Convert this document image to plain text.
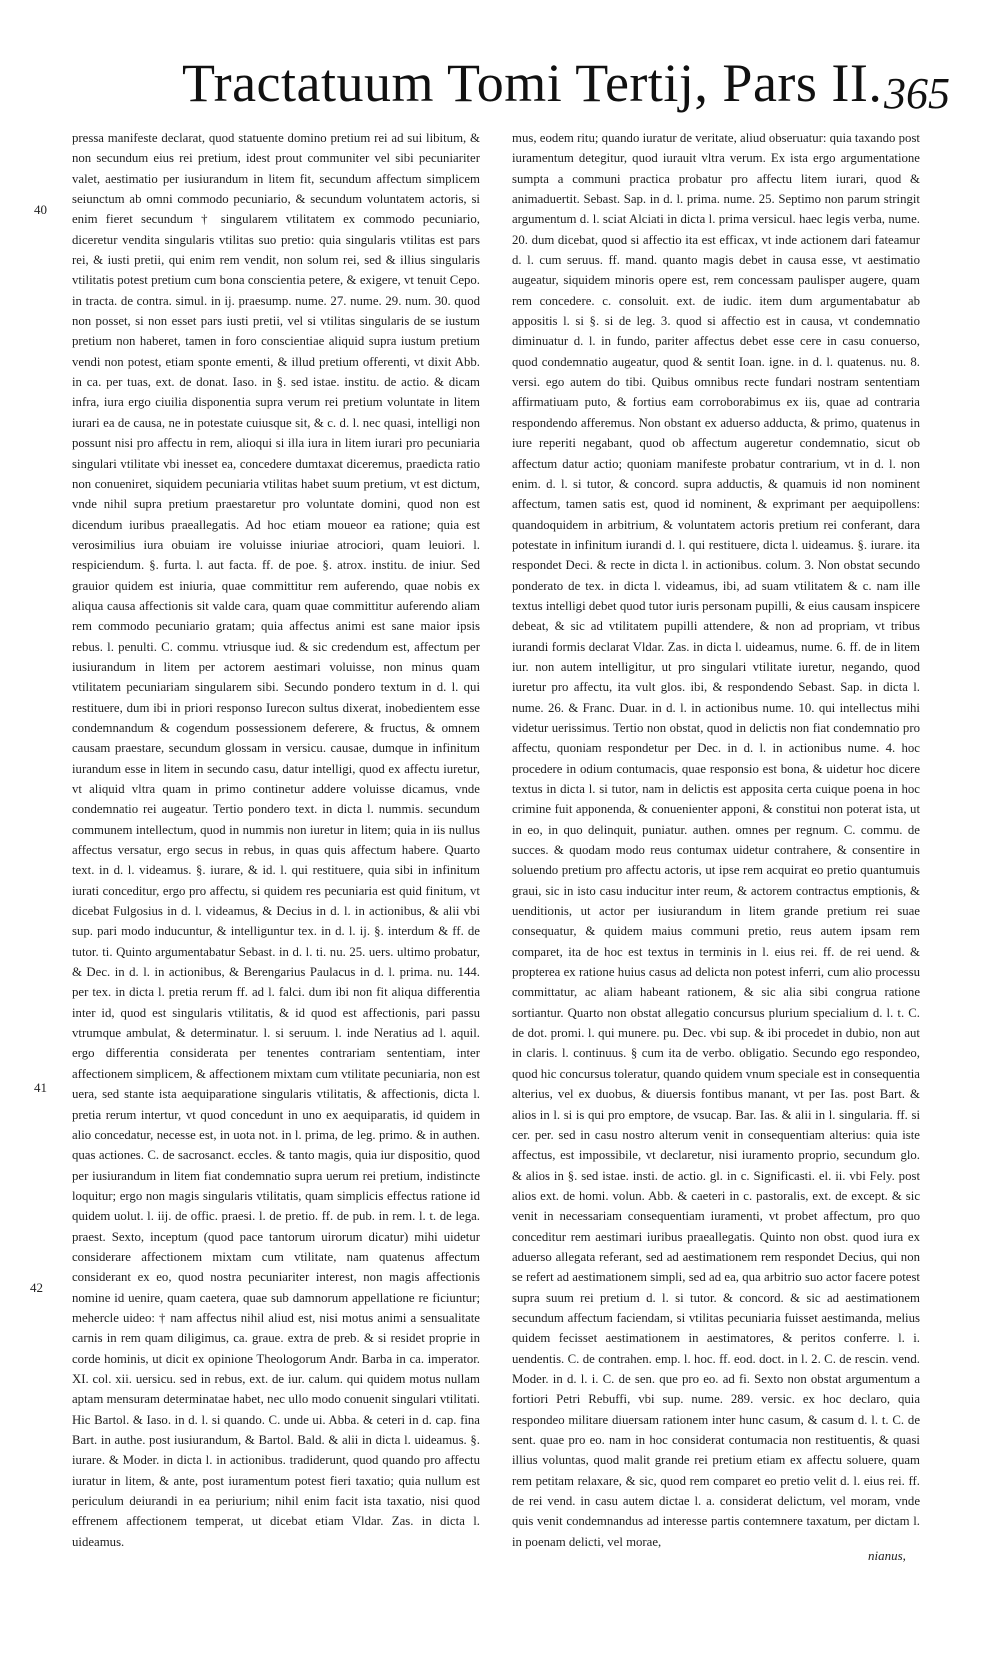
Tractatuum Tomi Tertij, Pars II. 365
40
41
42

pressa manifeste declarat, quod statuente domino pretium rei ad sui libitum, & non secundum eius rei pretium, idest prout communiter vel sibi pecuniariter valet, aestimatio per iusiurandum in litem fit, secundum affectum simplicem seiunctum ab omni commodo pecuniario, & secundum voluntatem actoris, si enim fieret secundum † singularem vtilitatem ex commodo pecuniario, diceretur vendita singularis vtilitas suo pretio: quia singularis vtilitas est pars rei, & iusti pretii, qui enim rem vendit, non solum rei, sed & illius singularis vtilitatis potest pretium cum bona conscientia petere, & exigere, vt tenuit Cepo. in tracta. de contra. simul. in ij. praesump. nume. 27. nume. 29. num. 30. quod non posset, si non esset pars iusti pretii, vel si vtilitas singularis de se iustum pretium non haberet, tamen in foro conscientiae aliquid supra iustum pretium vendi non potest, etiam sponte ementi, & illud pretium offerenti, vt dixit Abb. in ca. per tuas, ext. de donat. Iaso. in §. sed istae. institu. de actio. & dicam infra, iura ergo ciuilia disponentia supra verum rei pretium voluntate in litem iurari ea de causa, ne in potestate cuiusque sit, & c. d. l. nec quasi, intelligi non possunt nisi pro affectu in rem, alioqui si illa iura in litem iurari pro pecuniaria singulari vtilitate vbi inesset ea, concedere dumtaxat diceremus, praedicta ratio non conueniret, siquidem pecuniaria vtilitas habet suum pretium, vt est dictum, vnde nihil supra pretium praestaretur pro voluntate domini, quod non est dicendum iuribus praeallegatis. Ad hoc etiam moueor ea ratione; quia est verosimilius iura obuiam ire voluisse iniuriae atrociori, quam leuiori. l. respiciendum. §. furta. l. aut facta. ff. de poe. §. atrox. institu. de iniur. Sed grauior quidem est iniuria, quae committitur rem auferendo, quae nobis ex aliqua causa affectionis sit valde cara, quam quae committitur auferendo aliam rem commodo pecuniario gratam; quia affectus animi est sane maior ipsis rebus. l. penulti. C. commu. vtriusque iud. & sic credendum est, affectum per iusiurandum in litem per actorem aestimari voluisse, non minus quam vtilitatem pecuniariam singularem sibi. Secundo pondero textum in d. l. qui restituere, dum ibi in priori responso Iurecon sultus dixerat, inobedientem esse condemnandum & cogendum possessionem deferere, & fructus, & omnem causam praestare, secundum glossam in versicu. causae, dumque in infinitum iurandum esse in litem in secundo casu, datur intelligi, quod ex affectu iuretur, vt aliquid vltra quam in primo continetur addere voluisse dicamus, vnde condemnatio rei augeatur. Tertio pondero text. in dicta l. nummis. secundum communem intellectum, quod in nummis non iuretur in litem; quia in iis nullus affectus versatur, ergo secus in rebus, in quas quis affectum habere. Quarto text. in d. l. videamus. §. iurare, & id. l. qui restituere, quia sibi in infinitum iurati conceditur, ergo pro affectu, si quidem res pecuniaria est quid finitum, vt dicebat Fulgosius in d. l. videamus, & Decius in d. l. in actionibus, & alii vbi sup. pari modo inducuntur, & intelliguntur tex. in d. l. ij. §. interdum & ff. de tutor. ti. Quinto argumentabatur Sebast. in d. l. ti. nu. 25. uers. ultimo probatur, & Dec. in d. l. in actionibus, & Berengarius Paulacus in d. l. prima. nu. 144. per tex. in dicta l. pretia rerum ff. ad l. falci. dum ibi non fit aliqua differentia inter id, quod est singularis vtilitatis, & id quod est affectionis, pari passu vtrumque ambulat, & determinatur. l. si seruum. l. inde Neratius ad l. aquil. ergo differentia considerata per tenentes contrariam sententiam, inter affectionem simplicem, & affectionem mixtam cum vtilitate pecuniaria, non est uera, sed stante ista aequiparatione singularis vtilitatis, & affectionis, dicta l. pretia rerum intertur, vt quod concedunt in uno ex aequiparatis, id quidem in alio concedatur, necesse est, in uota not. in l. prima, de leg. primo. & in authen. quas actiones. C. de sacrosanct. eccles. & tanto magis, quia iur dispositio, quod per iusiurandum in litem fiat condemnatio supra uerum rei pretium, indistincte loquitur; ergo non magis singularis vtilitatis, quam simplicis effectus ratione id quidem uolut. l. iij. de offic. praesi. l. de pretio. ff. de pub. in rem. l. t. de lega. praest. Sexto, inceptum (quod pace tantorum uirorum dicatur) mihi uidetur considerare affectionem mixtam cum vtilitate, nam quatenus affectum considerant ex eo, quod nostra pecuniariter interest, non magis affectionis nomine id uenire, quam caetera, quae sub damnorum appellatione re ficiuntur; mehercle uideo: † nam affectus nihil aliud est, nisi motus animi a sensualitate carnis in rem quam diligimus, ca. graue. extra de preb. & si residet proprie in corde hominis, ut dicit ex opinione Theologorum Andr. Barba in ca. imperator. XI. col. xii. uersicu. sed in rebus, ext. de iur. calum. qui quidem motus nullam aptam mensuram determinatae habet, nec ullo modo conuenit singulari vtilitati. Hic Bartol. & Iaso. in d. l. si quando. C. unde ui. Abba. & ceteri in d. cap. fina Bart. in authe. post iusiurandum, & Bartol. Bald. & alii in dicta l. uideamus. §. iurare. & Moder. in dicta l. in actionibus. tradiderunt, quod quando pro affectu iuratur in litem, & ante, post iuramentum potest fieri taxatio; quia nullum est periculum deiurandi in ea periurium; nihil enim facit ista taxatio, nisi quod effrenem affectionem temperat, ut dicebat etiam Vldar. Zas. in dicta l. uideamus.

mus, eodem ritu; quando iuratur de veritate, aliud obseruatur: quia taxando post iuramentum detegitur, quod iurauit vltra verum. Ex ista ergo argumentatione sumpta a communi practica probatur pro affectu litem iurari, quod & animaduertit. Sebast. Sap. in d. l. prima. nume. 25. Septimo non parum stringit argumentum d. l. sciat Alciati in dicta l. prima versicul. haec legis verba, nume. 20. dum dicebat, quod si affectio ita est efficax, vt inde actionem dari fateamur d. l. cum seruus. ff. mand. quanto magis debet in causa esse, vt aestimatio augeatur, siquidem minoris opere est, rem concessam paulisper augere, quam rem concedere. c. consoluit. ext. de iudic. item dum argumentabatur ab appositis l. si §. si de leg. 3. quod si affectio est in causa, vt condemnatio diminuatur d. l. in fundo, pariter affectus debet esse cere in casu conuerso, quod condemnatio augeatur, quod & sentit Ioan. igne. in d. l. quatenus. nu. 8. versi. ego autem do tibi. Quibus omnibus recte fundari nostram sententiam affirmatiuam puto, & fortius eam corroborabimus ex iis, quae ad contraria respondendo afferemus. Non obstant ex aduerso adducta, & primo, quatenus in iure reperiti negabant, quod ob affectum augeretur condemnatio, sicut ob affectum datur actio; quoniam manifeste probatur contrarium, vt in d. l. non enim. d. l. si tutor, & concord. supra adductis, & quamuis id non nominent affectum, tamen satis est, quod id nominent, & exprimant per aequipollens: quandoquidem in arbitrium, & voluntatem actoris pretium rei conferant, dara potestate in infinitum iurandi d. l. qui restituere, dicta l. uideamus. §. iurare. ita respondet Deci. & recte in dicta l. in actionibus. colum. 3. Non obstat secundo ponderato de tex. in dicta l. videamus, ibi, ad suam vtilitatem & c. nam ille textus intelligi debet quod tutor iuris personam pupilli, & eius causam inspicere debeat, & sic ad vtilitatem pupilli attendere, & non ad propriam, vt tribus iurandi formis declarat Vldar. Zas. in dicta l. uideamus, nume. 6. ff. de in litem iur. non autem intelligitur, ut pro singulari vtilitate iuretur, negando, quod iuretur pro affectu, ita vult glos. ibi, & respondendo Sebast. Sap. in dicta l. nume. 26. & Franc. Duar. in d. l. in actionibus nume. 10. qui intellectus mihi videtur uerissimus. Tertio non obstat, quod in delictis non fiat condemnatio pro affectu, quoniam respondetur per Dec. in d. l. in actionibus nume. 4. hoc procedere in odium contumacis, quae responsio est bona, & uidetur hoc dicere textus in dicta l. si tutor, nam in delictis est apposita certa cuique poena in hoc crimine fuit apponenda, & conuenienter apponi, & constitui non poterat ista, ut in eo, in quo delinquit, puniatur. authen. omnes per regnum. C. commu. de succes. & quodam modo reus contumax uidetur contrahere, & consentire in soluendo pretium pro affectu actoris, ut ipse rem acquirat eo pretio quantumuis graui, sic in isto casu inducitur inter reum, & actorem contractus emptionis, & uenditionis, ut actor per iusiurandum in litem grande pretium rei suae consequatur, & quidem maius communi pretio, reus autem ipsam rem comparet, ita de hoc est textus in terminis in l. eius rei. ff. de rei uend. & propterea ex ratione huius casus ad delicta non potest inferri, cum alio processu committatur, ac aliam habeant rationem, & sic alia sibi congrua ratione sortiantur. Quarto non obstat allegatio concursus plurium specialium d. l. t. C. de dot. promi. l. qui munere. pu. Dec. vbi sup. & ibi procedet in dubio, non aut in claris. l. continuus. § cum ita de verbo. obligatio. Secundo ego respondeo, quod hic concursus toleratur, quando quidem vnum speciale est in consequentia alterius, vel ex duobus, & diuersis fontibus manant, vt per Ias. post Bart. & alios in l. si is qui pro emptore, de vsucap. Bar. Ias. & alii in l. singularia. ff. si cer. per. sed in casu nostro alterum venit in consequentiam alterius: quia iste affectus, est impossibile, vt declaretur, nisi iuramento proprio, secundum glo. & alios in §. sed istae. insti. de actio. gl. in c. Significasti. el. ii. vbi Fely. post alios ext. de homi. volun. Abb. & caeteri in c. pastoralis, ext. de except. & sic venit in necessariam consequentiam iuramenti, vt probet affectum, pro quo conceditur rem aestimari iuribus praeallegatis. Quinto non obst. quod iura ex aduerso allegata referant, sed ad aestimationem rem respondet Decius, qui non se refert ad aestimationem simpli, sed ad ea, qua arbitrio suo actor facere potest supra suum rei pretium d. l. si tutor. & concord. & sic ad aestimationem secundum affectum faciendam, si vtilitas pecuniaria fuisset aestimanda, melius quidem fecisset aestimationem in aestimatores, & peritos conferre. l. i. uendentis. C. de contrahen. emp. l. hoc. ff. eod. doct. in l. 2. C. de rescin. vend. Moder. in d. l. i. C. de sen. que pro eo. ad fi. Sexto non obstat argumentum a fortiori Petri Rebuffi, vbi sup. nume. 289. versic. ex hoc declaro, quia respondeo militare diuersam rationem inter hunc casum, & casum d. l. t. C. de sent. quae pro eo. nam in hoc considerat contumacia non restituentis, & quasi illius voluntas, quod malit grande rei pretium etiam ex affectu soluere, quam rem petitam relaxare, & sic, quod rem comparet eo pretio velit d. l. eius rei. ff. de rei vend. in casu autem dictae l. a. considerat delictum, vel moram, vnde quis venit condemnandus ad interesse partis contemnere taxatum, per dictam l. in poenam delicti, vel morae,

nianus,
